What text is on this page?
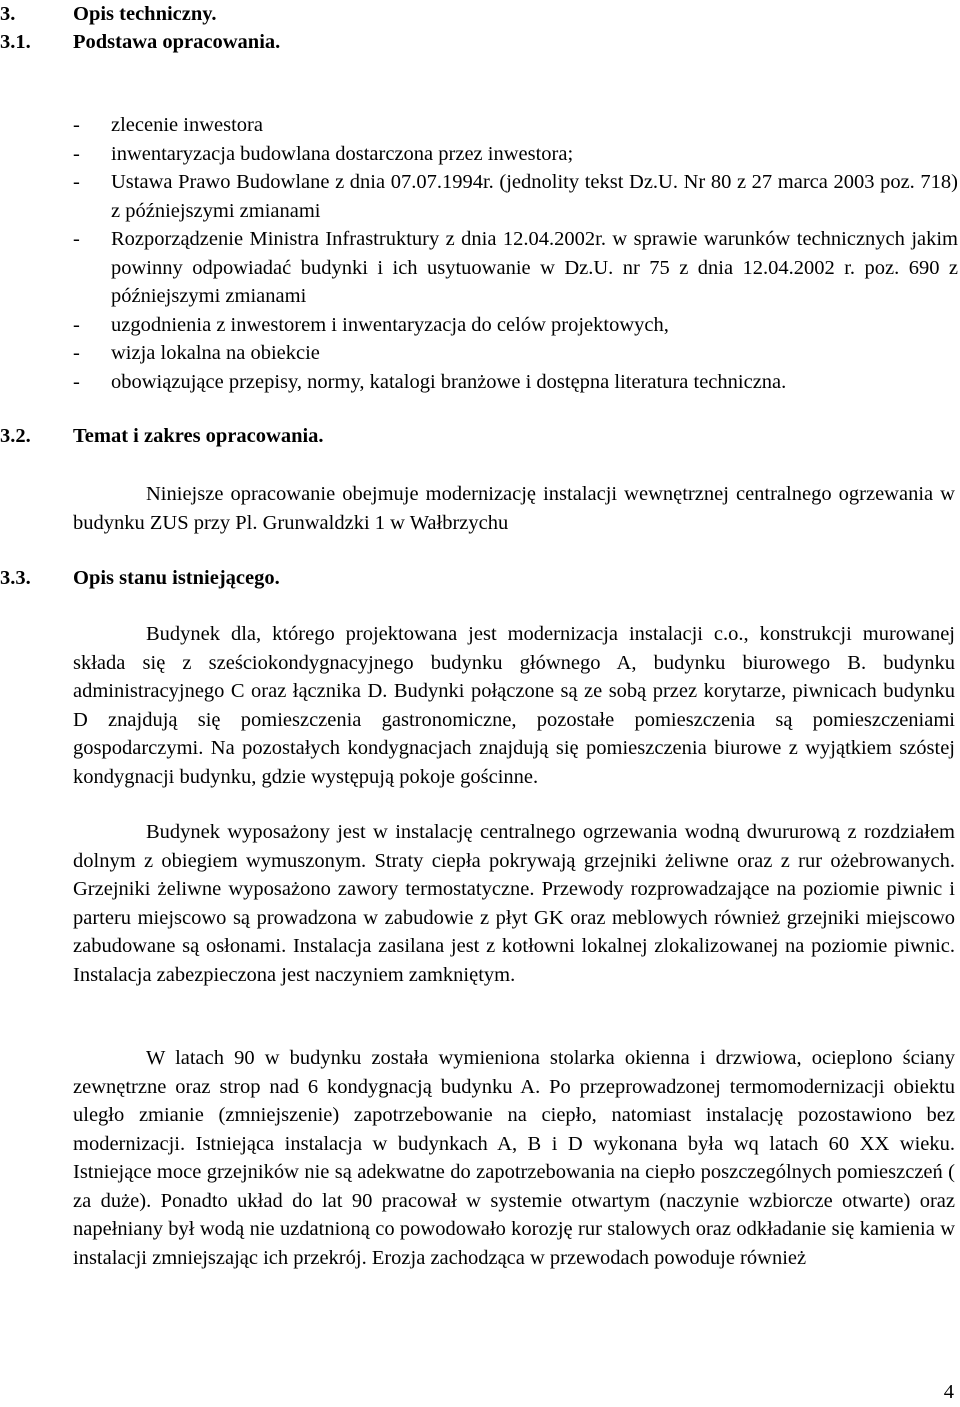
3.	Opis techniczny.
3.1. Podstawa opracowania.
- zlecenie inwestora
- inwentaryzacja budowlana dostarczona przez inwestora;
- Ustawa Prawo Budowlane z dnia 07.07.1994r. (jednolity tekst Dz.U. Nr 80 z 27 marca 2003 poz. 718) z późniejszymi zmianami
- Rozporządzenie Ministra Infrastruktury z dnia 12.04.2002r. w sprawie warunków technicznych jakim powinny odpowiadać budynki i ich usytuowanie w Dz.U. nr 75 z dnia 12.04.2002 r. poz. 690 z późniejszymi zmianami
- uzgodnienia z inwestorem i inwentaryzacja do celów projektowych,
- wizja lokalna na obiekcie
- obowiązujące przepisy, normy, katalogi branżowe i dostępna literatura techniczna.
3.2. Temat i zakres opracowania.

Niniejsze opracowanie obejmuje modernizację instalacji wewnętrznej centralnego ogrzewania w budynku ZUS przy Pl. Grunwaldzki 1 w Wałbrzychu

3.3. Opis stanu istniejącego.

Budynek dla, którego projektowana jest modernizacja instalacji c.o., konstrukcji murowanej składa się z sześciokondygnacyjnego budynku głównego A, budynku biurowego B. budynku administracyjnego C oraz łącznika D. Budynki połączone są ze sobą przez korytarze, piwnicach budynku D znajdują się pomieszczenia gastronomiczne, pozostałe pomieszczenia są pomieszczeniami gospodarczymi. Na pozostałych kondygnacjach znajdują się pomieszczenia biurowe z wyjątkiem szóstej kondygnacji budynku, gdzie występują pokoje gościnne.

Budynek wyposażony jest w instalację centralnego ogrzewania wodną dwururową z rozdziałem dolnym z obiegiem wymuszonym. Straty ciepła pokrywają grzejniki żeliwne oraz z rur ożebrowanych. Grzejniki żeliwne wyposażono zawory termostatyczne. Przewody rozprowadzające na poziomie piwnic i parteru miejscowo są prowadzona w zabudowie z płyt GK oraz meblowych również grzejniki miejscowo zabudowane są osłonami. Instalacja zasilana jest z kotłowni lokalnej zlokalizowanej na poziomie piwnic. Instalacja zabezpieczona jest naczyniem zamkniętym.

W latach 90 w budynku została wymieniona stolarka okienna i drzwiowa, ocieplono ściany zewnętrzne oraz strop nad 6 kondygnacją budynku A. Po przeprowadzonej termomodernizacji obiektu uległo zmianie (zmniejszenie) zapotrzebowanie na ciepło, natomiast instalację pozostawiono bez modernizacji. Istniejąca instalacja w budynkach A, B i D wykonana była wq latach 60 XX wieku. Istniejące moce grzejników nie są adekwatne do zapotrzebowania na ciepło poszczególnych pomieszczeń ( za duże). Ponadto układ do lat 90 pracował w systemie otwartym (naczynie wzbiorcze otwarte) oraz napełniany był wodą nie uzdatnioną co powodowało korozję rur stalowych oraz odkładanie się kamienia w instalacji zmniejszając ich przekrój. Erozja zachodząca w przewodach powoduje również

4
